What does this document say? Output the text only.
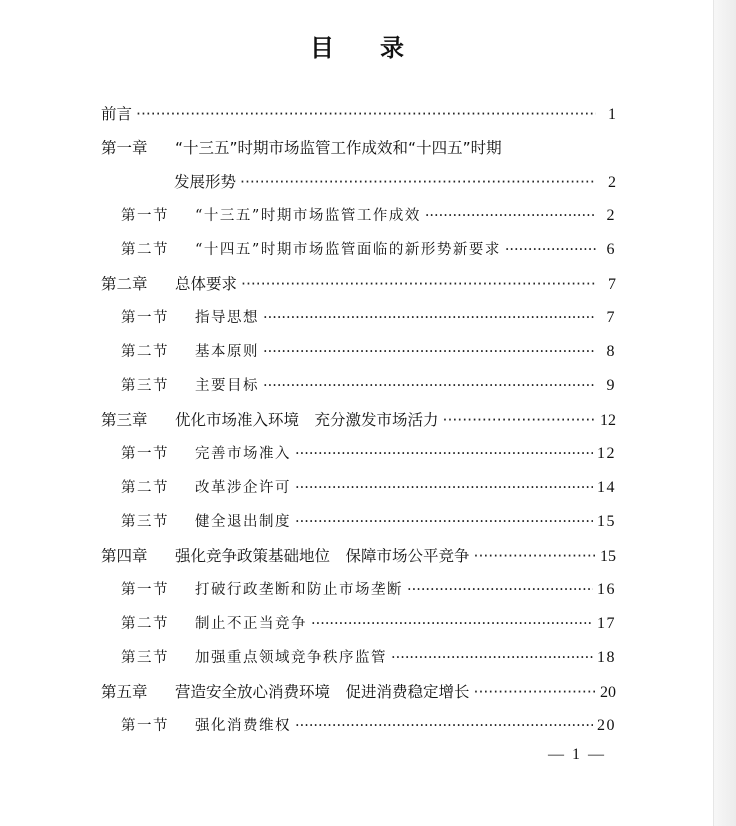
目 录
前言 ·····	1
第一章	“十三五”时期市场监管工作成效和“十四五”时期
发展形势 ·····	2
第一节	“十三五”时期市场监管工作成效 ·····	2
第二节	“十四五”时期市场监管面临的新形势新要求 ·····	6
第二章	总体要求 ·····	7
第一节	指导思想 ·····	7
第二节	基本原则 ·····	8
第三节	主要目标 ·····	9
第三章	优化市场准入环境　充分激发市场活力 ·····	12
第一节	完善市场准入 ·····	12
第二节	改革涉企许可 ·····	14
第三节	健全退出制度 ·····	15
第四章	强化竞争政策基础地位　保障市场公平竞争 ·····	15
第一节	打破行政垄断和防止市场垄断 ·····	16
第二节	制止不正当竞争 ·····	17
第三节	加强重点领域竞争秩序监管 ·····	18
第五章	营造安全放心消费环境　促进消费稳定增长 ·····	20
第一节	强化消费维权 ·····	20
— 1 —
